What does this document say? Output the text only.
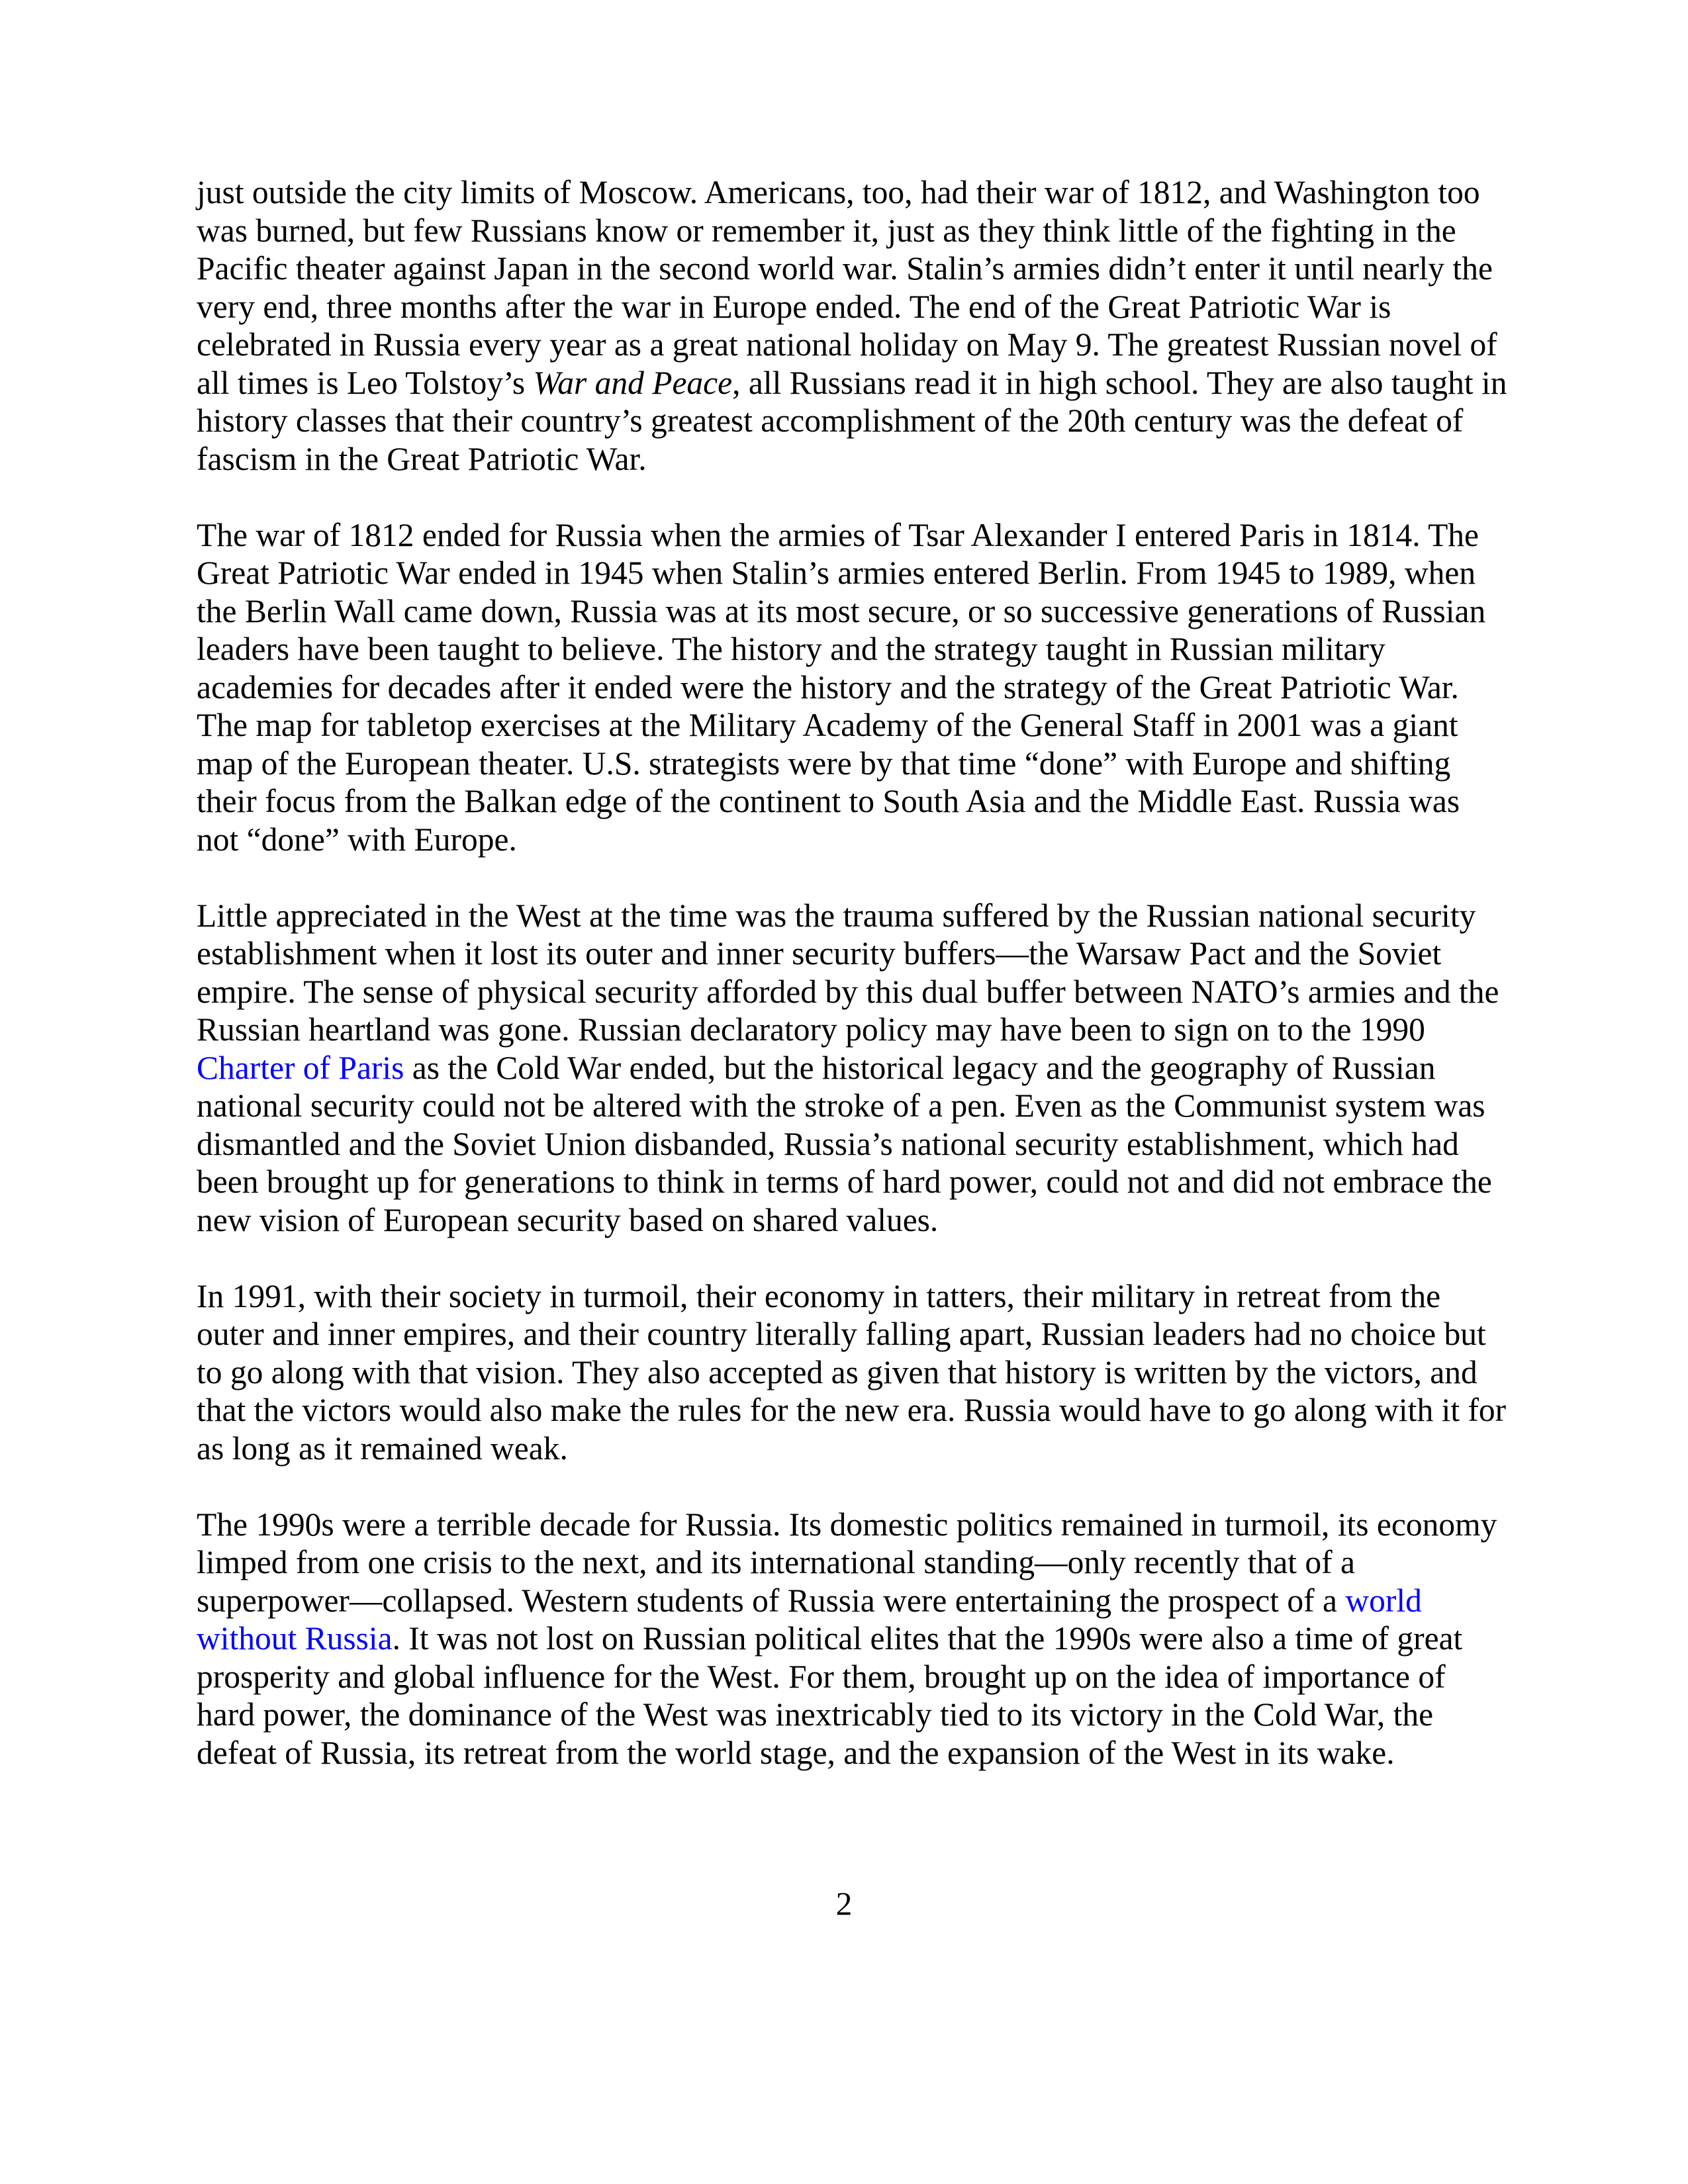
just outside the city limits of Moscow. Americans, too, had their war of 1812, and Washington too was burned, but few Russians know or remember it, just as they think little of the fighting in the Pacific theater against Japan in the second world war. Stalin’s armies didn’t enter it until nearly the very end, three months after the war in Europe ended. The end of the Great Patriotic War is celebrated in Russia every year as a great national holiday on May 9. The greatest Russian novel of all times is Leo Tolstoy’s War and Peace, all Russians read it in high school. They are also taught in history classes that their country’s greatest accomplishment of the 20th century was the defeat of fascism in the Great Patriotic War.

The war of 1812 ended for Russia when the armies of Tsar Alexander I entered Paris in 1814. The Great Patriotic War ended in 1945 when Stalin’s armies entered Berlin. From 1945 to 1989, when the Berlin Wall came down, Russia was at its most secure, or so successive generations of Russian leaders have been taught to believe. The history and the strategy taught in Russian military academies for decades after it ended were the history and the strategy of the Great Patriotic War. The map for tabletop exercises at the Military Academy of the General Staff in 2001 was a giant map of the European theater. U.S. strategists were by that time “done” with Europe and shifting their focus from the Balkan edge of the continent to South Asia and the Middle East. Russia was not “done” with Europe.

Little appreciated in the West at the time was the trauma suffered by the Russian national security establishment when it lost its outer and inner security buffers—the Warsaw Pact and the Soviet empire. The sense of physical security afforded by this dual buffer between NATO’s armies and the Russian heartland was gone. Russian declaratory policy may have been to sign on to the 1990 Charter of Paris as the Cold War ended, but the historical legacy and the geography of Russian national security could not be altered with the stroke of a pen. Even as the Communist system was dismantled and the Soviet Union disbanded, Russia’s national security establishment, which had been brought up for generations to think in terms of hard power, could not and did not embrace the new vision of European security based on shared values.

In 1991, with their society in turmoil, their economy in tatters, their military in retreat from the outer and inner empires, and their country literally falling apart, Russian leaders had no choice but to go along with that vision. They also accepted as given that history is written by the victors, and that the victors would also make the rules for the new era. Russia would have to go along with it for as long as it remained weak.

The 1990s were a terrible decade for Russia. Its domestic politics remained in turmoil, its economy limped from one crisis to the next, and its international standing—only recently that of a superpower—collapsed. Western students of Russia were entertaining the prospect of a world without Russia. It was not lost on Russian political elites that the 1990s were also a time of great prosperity and global influence for the West. For them, brought up on the idea of importance of hard power, the dominance of the West was inextricably tied to its victory in the Cold War, the defeat of Russia, its retreat from the world stage, and the expansion of the West in its wake.

2
